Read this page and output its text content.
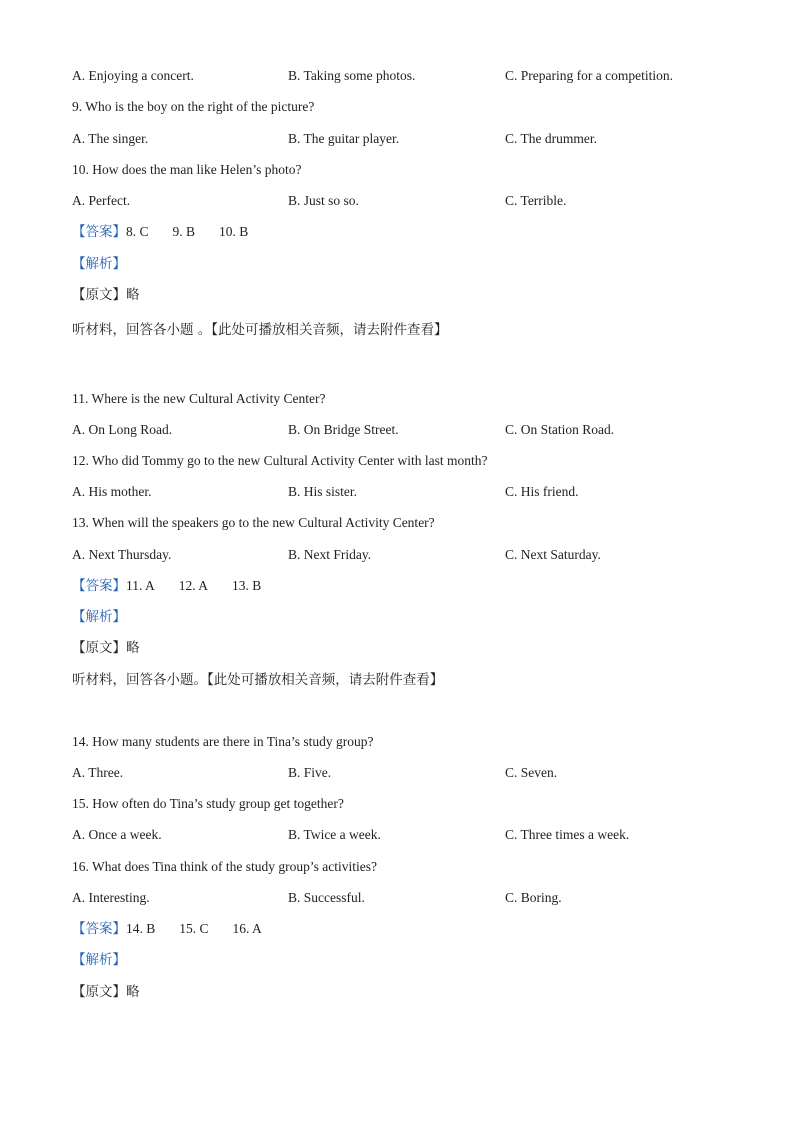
A. Enjoying a concert.	B. Taking some photos.	C. Preparing for a competition.
9. Who is the boy on the right of the picture?
A. The singer.	B. The guitar player.	C. The drummer.
10. How does the man like Helen’s photo?
A. Perfect.	B. Just so so.	C. Terrible.
【答案】8. C 9. B 10. B
【解析】
【原文】略
听材料，回答各小题 。【此处可播放相关音频，请去附件查看】
11. Where is the new Cultural Activity Center?
A. On Long Road.	B. On Bridge Street.	C. On Station Road.
12. Who did Tommy go to the new Cultural Activity Center with last month?
A. His mother.	B. His sister.	C. His friend.
13. When will the speakers go to the new Cultural Activity Center?
A. Next Thursday.	B. Next Friday.	C. Next Saturday.
【答案】11. A 12. A 13. B
【解析】
【原文】略
听材料，回答各小题。【此处可播放相关音频，请去附件查看】
14. How many students are there in Tina’s study group?
A. Three.	B. Five.	C. Seven.
15. How often do Tina’s study group get together?
A. Once a week.	B. Twice a week.	C. Three times a week.
16. What does Tina think of the study group’s activities?
A. Interesting.	B. Successful.	C. Boring.
【答案】14. B 15. C 16. A
【解析】
【原文】略
